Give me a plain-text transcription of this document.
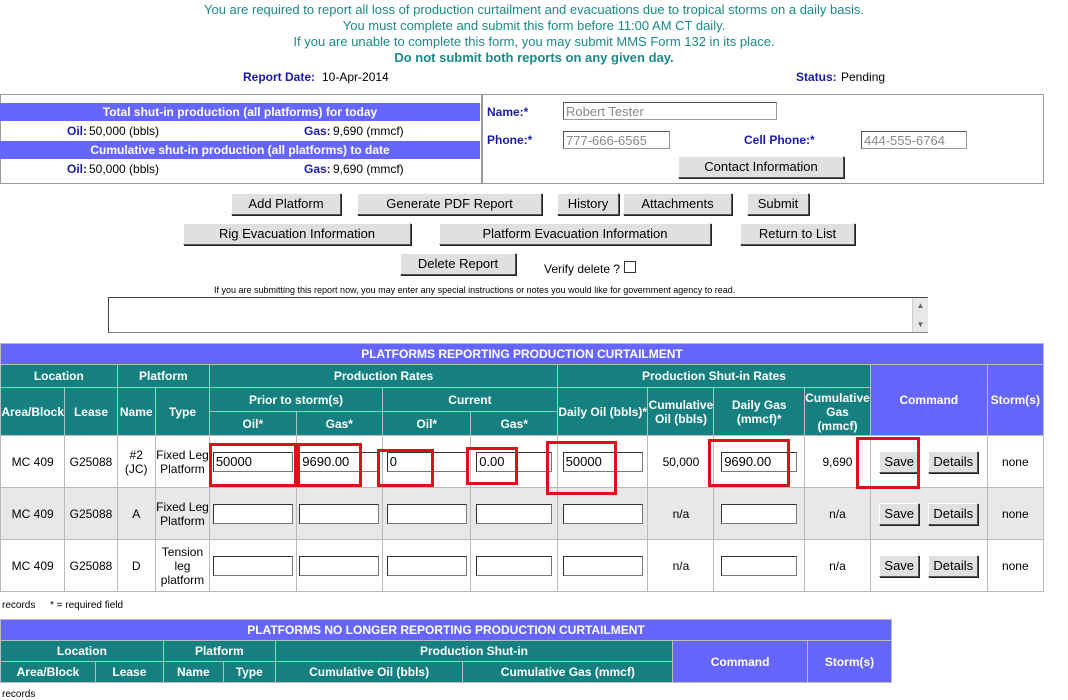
You are required to report all loss of production curtailment and evacuations due to tropical storms on a daily basis.
You must complete and submit this form before 11:00 AM CT daily.
If you are unable to complete this form, you may submit MMS Form 132 in its place.
Do not submit both reports on any given day.
Report Date: 10-Apr-2014	Status: Pending
Total shut-in production (all platforms) for today
Oil: 50,000 (bbls)	Gas: 9,690 (mmcf)
Cumulative shut-in production (all platforms) to date
Oil: 50,000 (bbls)	Gas: 9,690 (mmcf)
Name:*
Robert Tester
Phone:*
777-666-6565	Cell Phone:*
444-555-6764
Contact Information
Add Platform	Generate PDF Report	History	Attachments	Submit
Rig Evacuation Information	Platform Evacuation Information	Return to List
Delete Report	Verify delete ?
If you are submitting this report now, you may enter any special instructions or notes you would like for government agency to read.
▲
▼
PLATFORMS REPORTING PRODUCTION CURTAILMENT													
Location		Platform		Production Rates				Production Shut-in Rates				Command	Storm(s)
Area/Block	Lease	Name	Type	Prior to storm(s)		Current		Daily Oil (bbls)*	Cumulative Oil (bbls)	Daily Gas (mmcf)*	Cumulative Gas (mmcf)		
				Oil*	Gas*	Oil*	Gas*						
MC 409	G25088	#2 (JC)	Fixed Leg Platform	50000	9690.00	0	0.00	50000	50,000	9690.00	9,690	Save Details	none
MC 409	G25088	A	Fixed Leg Platform						n/a		n/a	Save Details	none
MC 409	G25088	D	Tension leg platform						n/a		n/a	Save Details	none
records * = required field
PLATFORMS NO LONGER REPORTING PRODUCTION CURTAILMENT							
Location		Platform		Production Shut-in		Command	Storm(s)
Area/Block	Lease	Name	Type	Cumulative Oil (bbls)	Cumulative Gas (mmcf)		
records
